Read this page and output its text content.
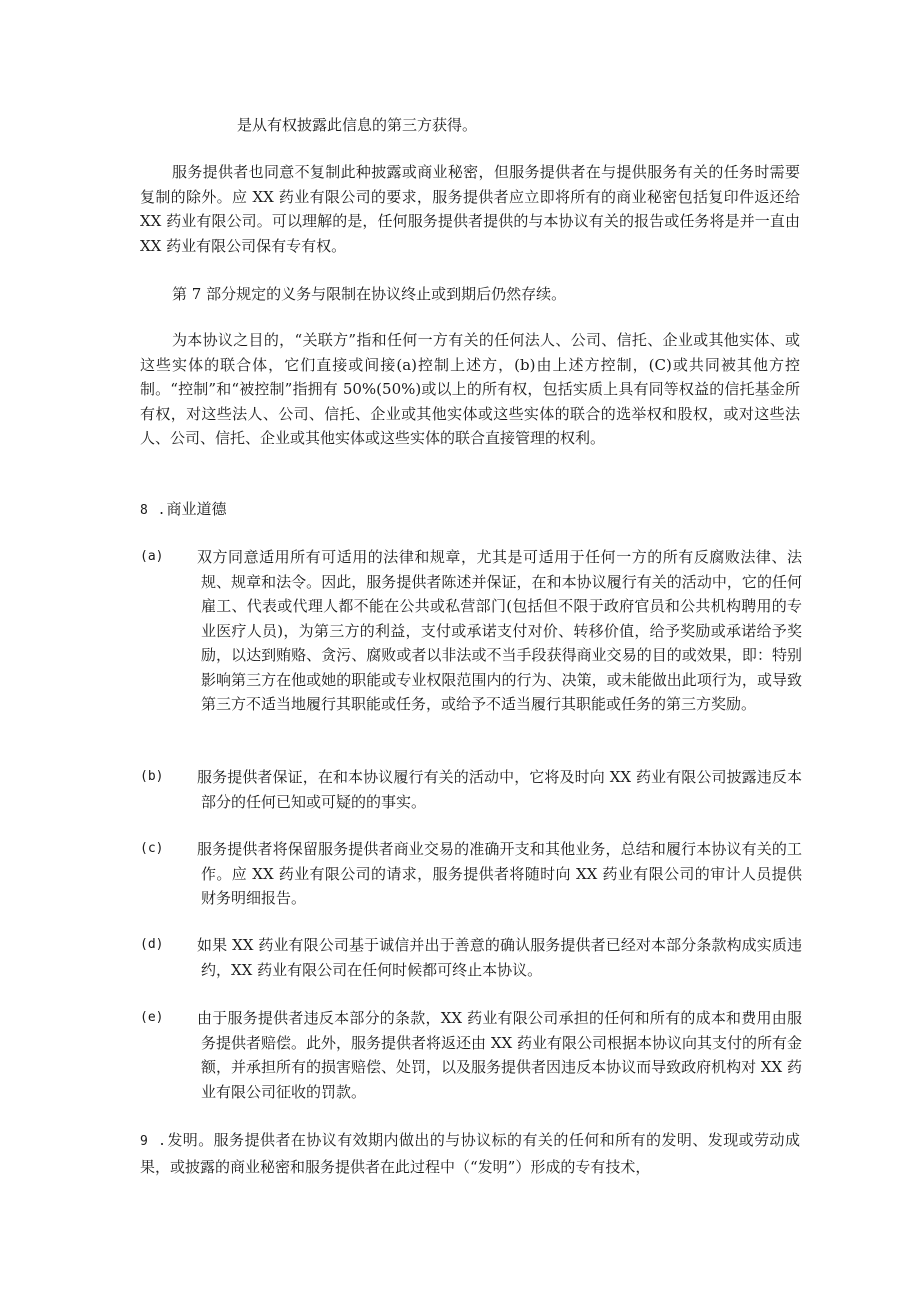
是从有权披露此信息的第三方获得。

服务提供者也同意不复制此种披露或商业秘密，但服务提供者在与提供服务有关的任务时需要复制的除外。应 XX 药业有限公司的要求，服务提供者应立即将所有的商业秘密包括复印件返还给 XX 药业有限公司。可以理解的是，任何服务提供者提供的与本协议有关的报告或任务将是并一直由 XX 药业有限公司保有专有权。

第 7 部分规定的义务与限制在协议终止或到期后仍然存续。

为本协议之目的，“关联方”指和任何一方有关的任何法人、公司、信托、企业或其他实体、或这些实体的联合体，它们直接或间接(a)控制上述方，(b)由上述方控制，(C)或共同被其他方控制。“控制”和“被控制”指拥有 50%(50%)或以上的所有权，包括实质上具有同等权益的信托基金所有权，对这些法人、公司、信托、企业或其他实体或这些实体的联合的选举权和股权，或对这些法人、公司、信托、企业或其他实体或这些实体的联合直接管理的权利。

8 .商业道德
(a) 双方同意适用所有可适用的法律和规章，尤其是可适用于任何一方的所有反腐败法律、法规、规章和法令。因此，服务提供者陈述并保证，在和本协议履行有关的活动中，它的任何雇工、代表或代理人都不能在公共或私营部门(包括但不限于政府官员和公共机构聘用的专业医疗人员)，为第三方的利益，支付或承诺支付对价、转移价值，给予奖励或承诺给予奖励，以达到贿赂、贪污、腐败或者以非法或不当手段获得商业交易的目的或效果，即：特别影响第三方在他或她的职能或专业权限范围内的行为、决策，或未能做出此项行为，或导致第三方不适当地履行其职能或任务，或给予不适当履行其职能或任务的第三方奖励。

(b) 服务提供者保证，在和本协议履行有关的活动中，它将及时向 XX 药业有限公司披露违反本部分的任何已知或可疑的的事实。

(c) 服务提供者将保留服务提供者商业交易的准确开支和其他业务，总结和履行本协议有关的工作。应 XX 药业有限公司的请求，服务提供者将随时向 XX 药业有限公司的审计人员提供财务明细报告。

(d) 如果 XX 药业有限公司基于诚信并出于善意的确认服务提供者已经对本部分条款构成实质违约，XX 药业有限公司在任何时候都可终止本协议。

(e) 由于服务提供者违反本部分的条款，XX 药业有限公司承担的任何和所有的成本和费用由服务提供者赔偿。此外，服务提供者将返还由 XX 药业有限公司根据本协议向其支付的所有金额，并承担所有的损害赔偿、处罚，以及服务提供者因违反本协议而导致政府机构对 XX 药业有限公司征收的罚款。

9 .发明。服务提供者在协议有效期内做出的与协议标的有关的任何和所有的发明、发现或劳动成果，或披露的商业秘密和服务提供者在此过程中（“发明”）形成的专有技术，
